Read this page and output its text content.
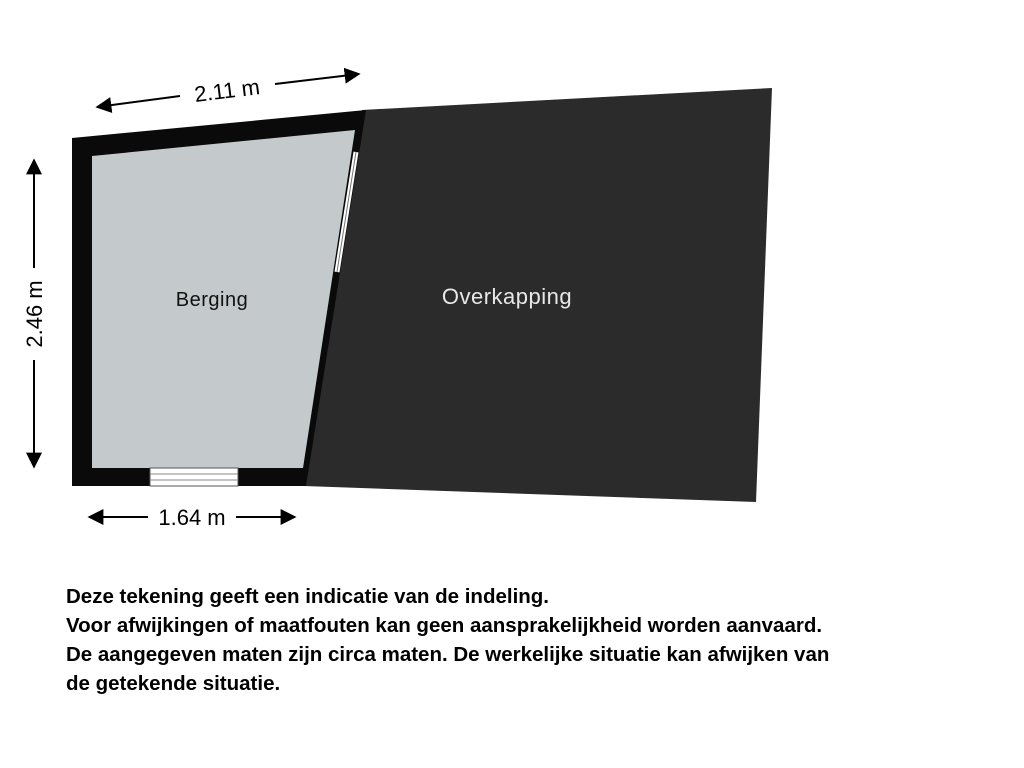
Berging	Overkapping
2.11 m
2.46 m
1.64 m
Deze tekening geeft een indicatie van de indeling.
Voor afwijkingen of maatfouten kan geen aansprakelijkheid worden aanvaard.
De aangegeven maten zijn circa maten. De werkelijke situatie kan afwijken van
de getekende situatie.
